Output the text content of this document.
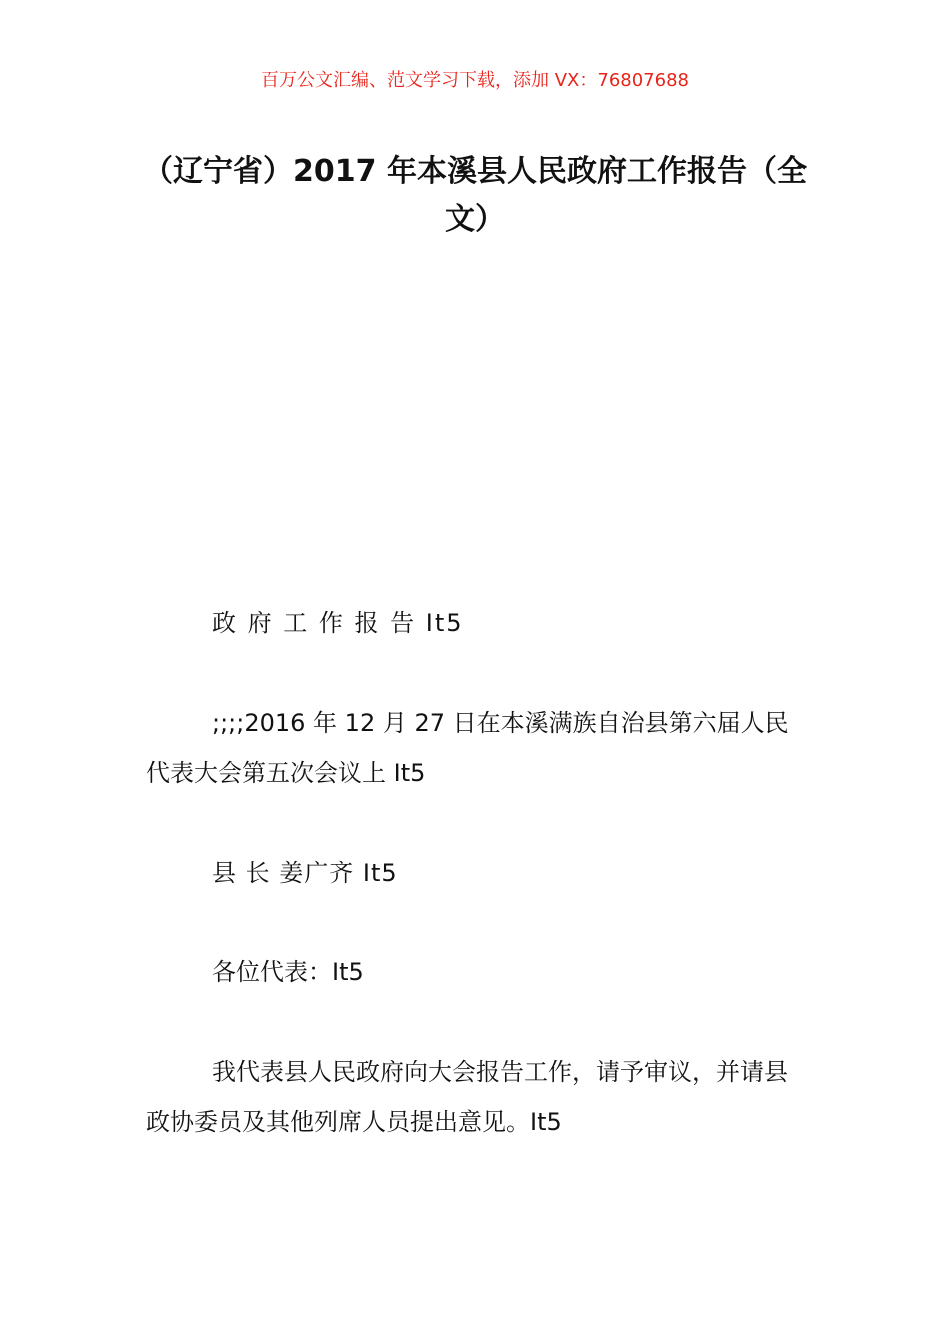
百万公文汇编、范文学习下载，添加 VX：76807688
（辽宁省）2017 年本溪县人民政府工作报告（全文）

政 府 工 作 报 告 It5

;;;;2016 年 12 月 27 日在本溪满族自治县第六届人民代表大会第五次会议上 It5

县 长 姜广齐 It5

各位代表：It5

我代表县人民政府向大会报告工作，请予审议，并请县政协委员及其他列席人员提出意见。It5
